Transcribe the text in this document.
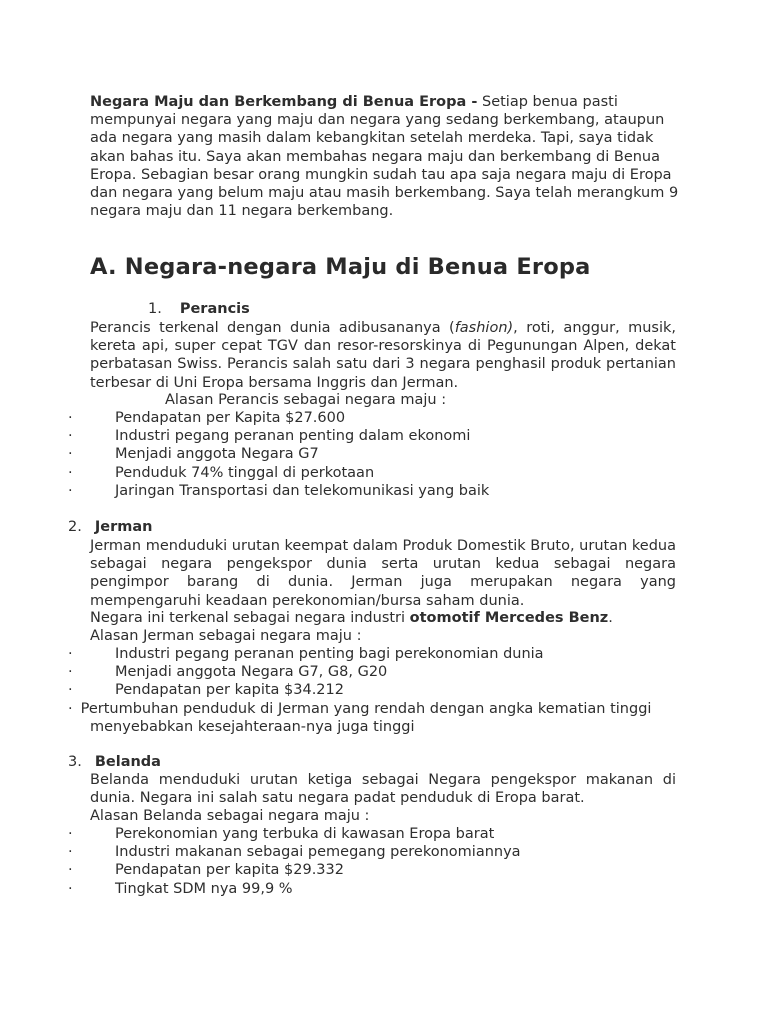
Negara Maju dan Berkembang di Benua Eropa - Setiap benua pasti mempunyai negara yang maju dan negara yang sedang berkembang, ataupun ada negara yang masih dalam kebangkitan setelah merdeka. Tapi, saya tidak akan bahas itu. Saya akan membahas negara maju dan berkembang di Benua Eropa. Sebagian besar orang mungkin sudah tau apa saja negara maju di Eropa dan negara yang belum maju atau masih berkembang. Saya telah merangkum 9 negara maju dan 11 negara berkembang.

A. Negara-negara Maju di Benua Eropa
1. Perancis

Perancis terkenal dengan dunia adibusananya (fashion), roti, anggur, musik, kereta api, super cepat TGV dan resor-resorskinya di Pegunungan Alpen, dekat perbatasan Swiss. Perancis salah satu dari 3 negara penghasil produk pertanian terbesar di Uni Eropa bersama Inggris dan Jerman.

Alasan Perancis sebagai negara maju :
·	Pendapatan per Kapita $27.600
·	Industri pegang peranan penting dalam ekonomi
·	Menjadi anggota Negara G7
·	Penduduk 74% tinggal di perkotaan
·	Jaringan Transportasi dan telekomunikasi yang baik
2. Jerman

Jerman menduduki urutan keempat dalam Produk Domestik Bruto, urutan kedua sebagai negara pengekspor dunia serta urutan kedua sebagai negara pengimpor barang di dunia. Jerman juga merupakan negara yang mempengaruhi keadaan perekonomian/bursa saham dunia.

Negara ini terkenal sebagai negara industri otomotif Mercedes Benz.
Alasan Jerman sebagai negara maju :
·	Industri pegang peranan penting bagi perekonomian dunia
·	Menjadi anggota Negara G7, G8, G20
·	Pendapatan per kapita $34.212
· Pertumbuhan penduduk di Jerman yang rendah dengan angka kematian tinggi
menyebabkan kesejahteraan-nya juga tinggi
3. Belanda

Belanda menduduki urutan ketiga sebagai Negara pengekspor makanan di dunia. Negara ini salah satu negara padat penduduk di Eropa barat.

Alasan Belanda sebagai negara maju :
·	Perekonomian yang terbuka di kawasan Eropa barat
·	Industri makanan sebagai pemegang perekonomiannya
·	Pendapatan per kapita $29.332
·	Tingkat SDM nya 99,9 %
